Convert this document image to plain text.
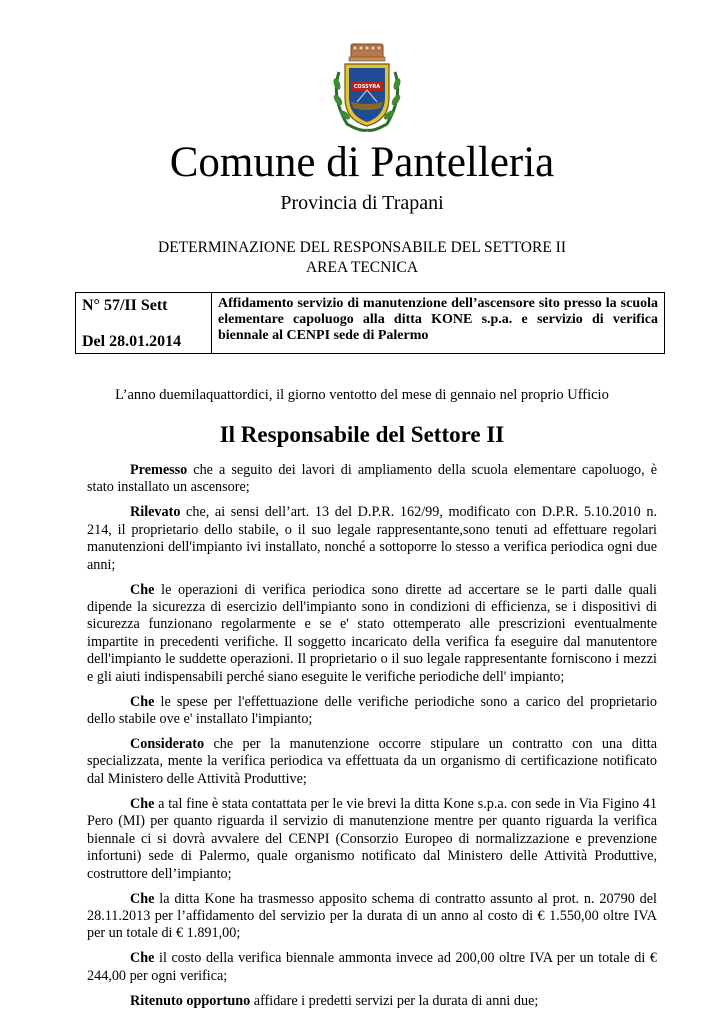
COSSYRA
Comune di Pantelleria
Provincia di Trapani
DETERMINAZIONE DEL RESPONSABILE DEL SETTORE II
AREA TECNICA
N° 57/II Sett
Del 28.01.2014
Affidamento servizio di manutenzione dell’ascensore sito presso la scuola elementare capoluogo alla ditta KONE s.p.a. e servizio di verifica biennale al CENPI sede di Palermo
L’anno duemilaquattordici, il giorno ventotto del mese di gennaio nel proprio Ufficio
Il Responsabile del Settore II

Premesso che a seguito dei lavori di ampliamento della scuola elementare capoluogo, è stato installato un ascensore;

Rilevato che, ai sensi dell’art. 13 del D.P.R. 162/99, modificato con D.P.R. 5.10.2010 n. 214, il proprietario dello stabile, o il suo legale rappresentante,sono tenuti ad effettuare regolari manutenzioni dell'impianto ivi installato, nonché a sottoporre lo stesso a verifica periodica ogni due anni;

Che le operazioni di verifica periodica sono dirette ad accertare se le parti dalle quali dipende la sicurezza di esercizio dell'impianto sono in condizioni di efficienza, se i dispositivi di sicurezza funzionano regolarmente e se e' stato ottemperato alle prescrizioni eventualmente impartite in precedenti verifiche. Il soggetto incaricato della verifica fa eseguire dal manutentore dell'impianto le suddette operazioni. Il proprietario o il suo legale rappresentante forniscono i mezzi e gli aiuti indispensabili perché siano eseguite le verifiche periodiche dell' impianto;

Che le spese per l'effettuazione delle verifiche periodiche sono a carico del proprietario dello stabile ove e' installato l'impianto;

Considerato che per la manutenzione occorre stipulare un contratto con una ditta specializzata, mente la verifica periodica va effettuata da un organismo di certificazione notificato dal Ministero delle Attività Produttive;

Che a tal fine è stata contattata per le vie brevi la ditta Kone s.p.a. con sede in Via Figino 41 Pero (MI) per quanto riguarda il servizio di manutenzione mentre per quanto riguarda la verifica biennale ci si dovrà avvalere del CENPI (Consorzio Europeo di normalizzazione e prevenzione infortuni) sede di Palermo, quale organismo notificato dal Ministero delle Attività Produttive, costruttore dell’impianto;

Che la ditta Kone ha trasmesso apposito schema di contratto assunto al prot. n. 20790 del 28.11.2013 per l’affidamento del servizio per la durata di un anno al costo di € 1.550,00 oltre IVA per un totale di € 1.891,00;

Che il costo della verifica biennale ammonta invece ad 200,00 oltre IVA per un totale di € 244,00 per ogni verifica;

Ritenuto opportuno affidare i predetti servizi per la durata di anni due;
